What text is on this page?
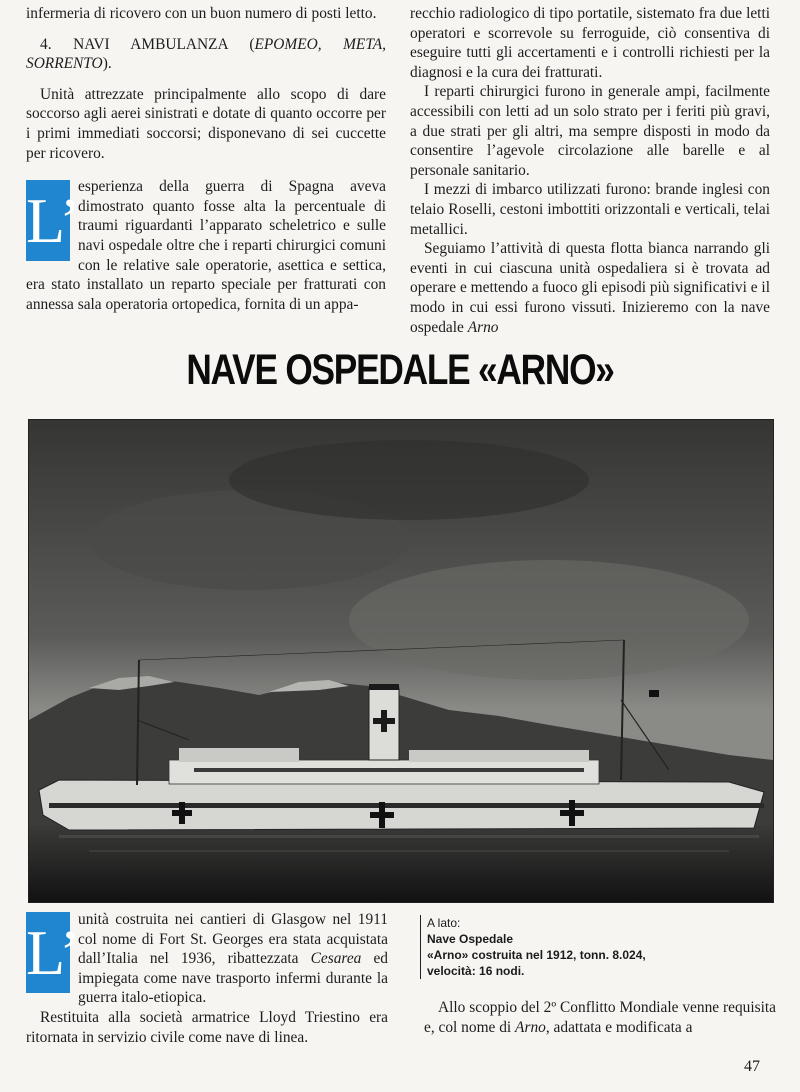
infermeria di ricovero con un buon numero di posti letto.

4. NAVI AMBULANZA (EPOMEO, META, SORRENTO).

Unità attrezzate principalmente allo scopo di dare soccorso agli aerei sinistrati e dotate di quanto occorre per i primi immediati soccorsi; disponevano di sei cuccette per ricovero.

L’
esperienza della guerra di Spagna aveva dimostrato quanto fosse alta la percentuale di traumi riguardanti l’apparato scheletrico e sulle navi ospedale oltre che i reparti chirurgici comuni con le relative sale operatorie, asettica e settica, era stato installato un reparto speciale per fratturati con annessa sala operatoria ortopedica, fornita di un appa-

recchio radiologico di tipo portatile, sistemato fra due letti operatori e scorrevole su ferroguide, ciò consentiva di eseguire tutti gli accertamenti e i controlli richiesti per la diagnosi e la cura dei fratturati.

I reparti chirurgici furono in generale ampi, facilmente accessibili con letti ad un solo strato per i feriti più gravi, a due strati per gli altri, ma sempre disposti in modo da consentire l’agevole circolazione alle barelle e al personale sanitario.

I mezzi di imbarco utilizzati furono: brande inglesi con telaio Roselli, cestoni imbottiti orizzontali e verticali, telai metallici.

Seguiamo l’attività di questa flotta bianca narrando gli eventi in cui ciascuna unità ospedaliera si è trovata ad operare e mettendo a fuoco gli episodi più significativi e il modo in cui essi furono vissuti. Inizieremo con la nave ospedale Arno

NAVE OSPEDALE «ARNO»

L’
unità costruita nei cantieri di Glasgow nel 1911 col nome di Fort St. Georges era stata acquistata dall’Italia nel 1936, ribattezzata Cesarea ed impiegata come nave trasporto infermi durante la guerra italo-etiopica.

Restituita alla società armatrice Lloyd Triestino era ritornata in servizio civile come nave di linea.

A lato:
Nave Ospedale
«Arno» costruita nel 1912, tonn. 8.024,
velocità: 16 nodi.

Allo scoppio del 2º Conflitto Mondiale venne requisita e, col nome di Arno, adattata e modificata a

47
